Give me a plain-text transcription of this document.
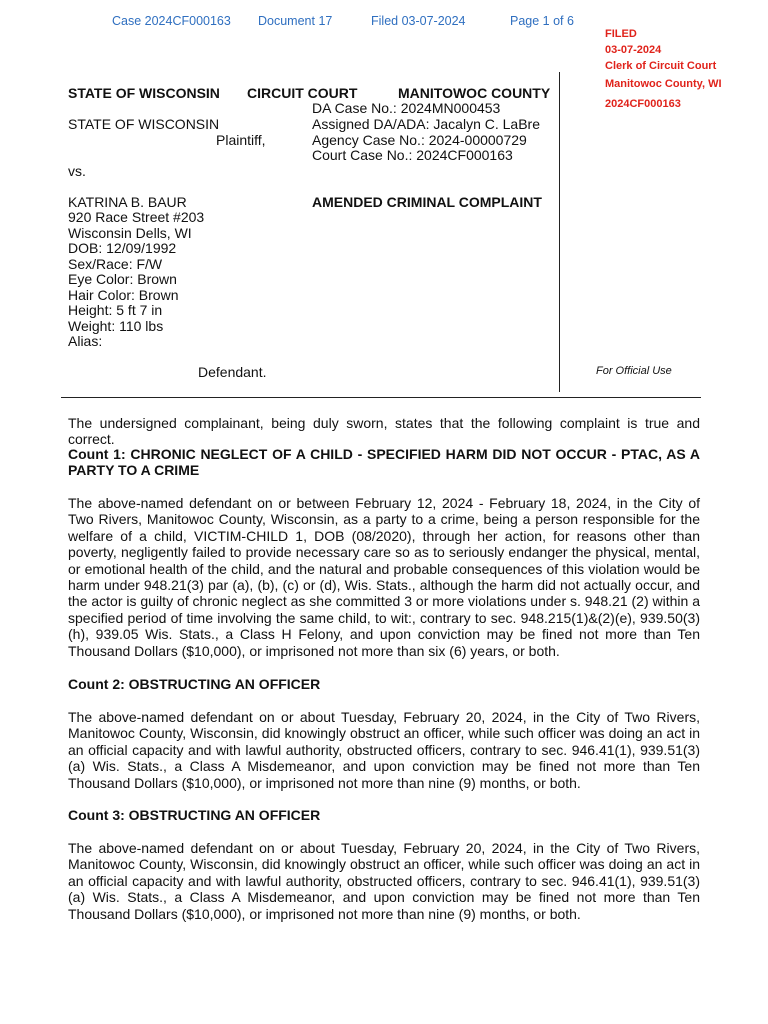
Case 2024CF000163 Document 17	Filed 03-07-2024	Page 1 of 6
FILED
03-07-2024
Clerk of Circuit Court
Manitowoc County, WI
2024CF000163
STATE OF WISCONSIN CIRCUIT COURT	MANITOWOC COUNTY
STATE OF WISCONSIN
Plaintiff,
vs.
KATRINA B. BAUR
920 Race Street #203
Wisconsin Dells, WI
DOB: 12/09/1992
Sex/Race: F/W
Eye Color: Brown
Hair Color: Brown
Height: 5 ft 7 in
Weight: 110 lbs
Alias:
Defendant.
DA Case No.: 2024MN000453
Assigned DA/ADA: Jacalyn C. LaBre
Agency Case No.: 2024-00000729
Court Case No.: 2024CF000163
AMENDED CRIMINAL COMPLAINT
For Official Use
The undersigned complainant, being duly sworn, states that the following complaint is true and correct.
Count 1: CHRONIC NEGLECT OF A CHILD - SPECIFIED HARM DID NOT OCCUR - PTAC, AS A PARTY TO A CRIME
The above-named defendant on or between February 12, 2024 - February 18, 2024, in the City of Two Rivers, Manitowoc County, Wisconsin, as a party to a crime, being a person responsible for the welfare of a child, VICTIM-CHILD 1, DOB (08/2020), through her action, for reasons other than poverty, negligently failed to provide necessary care so as to seriously endanger the physical, mental, or emotional health of the child, and the natural and probable consequences of this violation would be harm under 948.21(3) par (a), (b), (c) or (d), Wis. Stats., although the harm did not actually occur, and the actor is guilty of chronic neglect as she committed 3 or more violations under s. 948.21 (2) within a specified period of time involving the same child, to wit:, contrary to sec. 948.215(1)&(2)(e), 939.50(3)(h), 939.05 Wis. Stats., a Class H Felony, and upon conviction may be fined not more than Ten Thousand Dollars ($10,000), or imprisoned not more than six (6) years, or both.
Count 2: OBSTRUCTING AN OFFICER
The above-named defendant on or about Tuesday, February 20, 2024, in the City of Two Rivers, Manitowoc County, Wisconsin, did knowingly obstruct an officer, while such officer was doing an act in an official capacity and with lawful authority, obstructed officers, contrary to sec. 946.41(1), 939.51(3)(a) Wis. Stats., a Class A Misdemeanor, and upon conviction may be fined not more than Ten Thousand Dollars ($10,000), or imprisoned not more than nine (9) months, or both.
Count 3: OBSTRUCTING AN OFFICER
The above-named defendant on or about Tuesday, February 20, 2024, in the City of Two Rivers, Manitowoc County, Wisconsin, did knowingly obstruct an officer, while such officer was doing an act in an official capacity and with lawful authority, obstructed officers, contrary to sec. 946.41(1), 939.51(3)(a) Wis. Stats., a Class A Misdemeanor, and upon conviction may be fined not more than Ten Thousand Dollars ($10,000), or imprisoned not more than nine (9) months, or both.
